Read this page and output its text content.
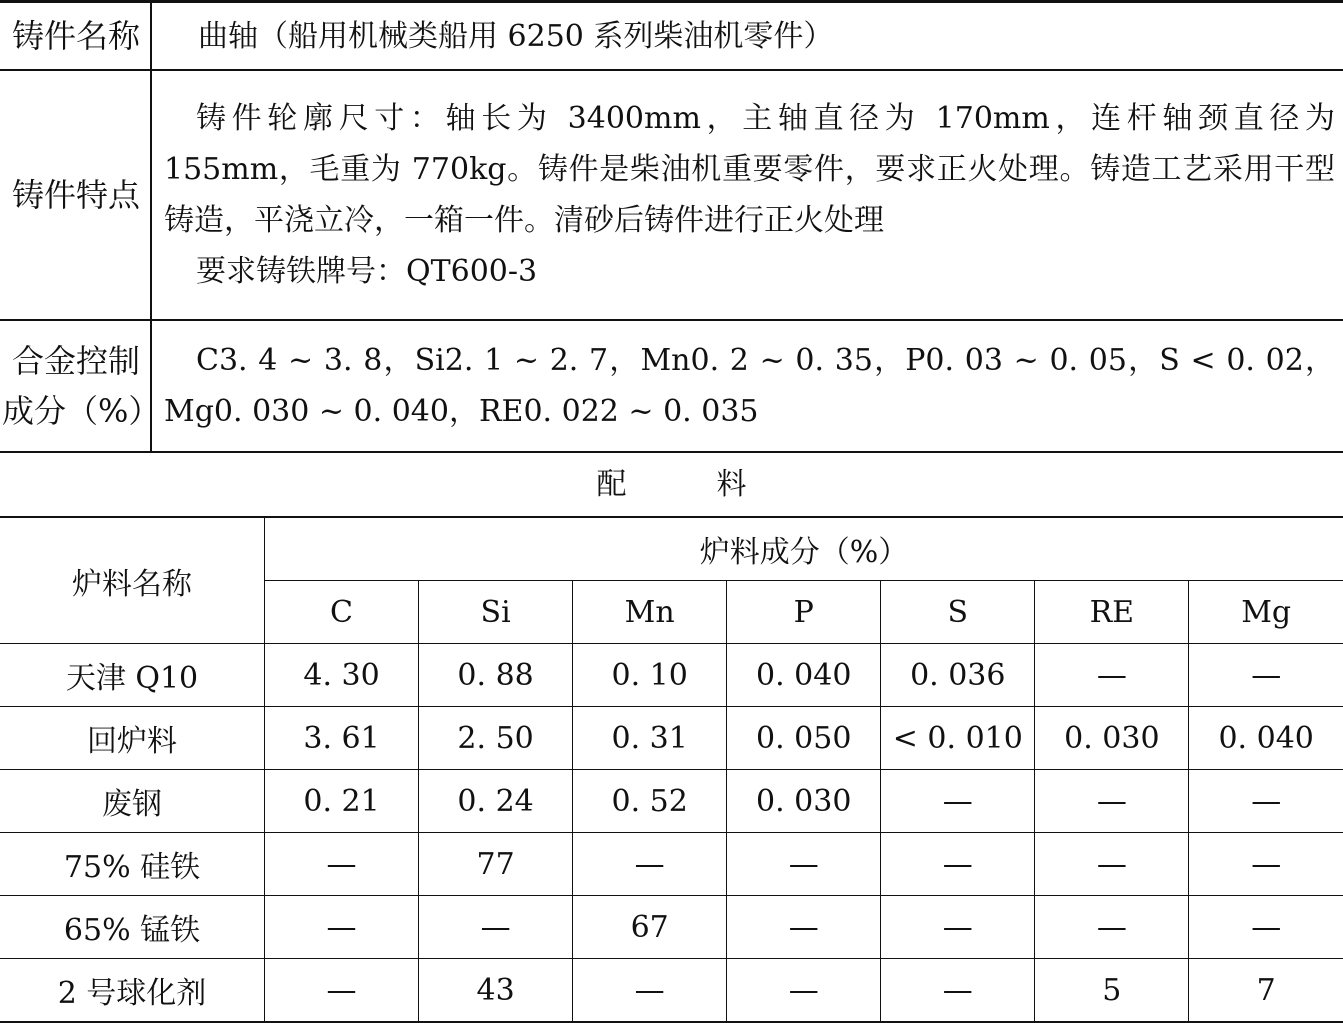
铸件名称	曲轴（船用机械类船用 6250 系列柴油机零件）
铸件特点	铸件轮廓尺寸：轴长为 3400mm，主轴直径为 170mm，连杆轴颈直径为 155mm，毛重为 770kg。铸件是柴油机重要零件，要求正火处理。铸造工艺采用干型铸造，平浇立冷，一箱一件。清砂后铸件进行正火处理
要求铸铁牌号：QT600-3

合金控制
成分（%）	C3. 4 ~ 3. 8，Si2. 1 ~ 2. 7，Mn0. 2 ~ 0. 35，P0. 03 ~ 0. 05，S < 0. 02，Mg0. 030 ~ 0. 040，RE0. 022 ~ 0. 035
配料
炉料名称	炉料成分（%）						
	C	Si	Mn	P	S	RE	Mg
天津 Q10	4. 30	0. 88	0. 10	0. 040	0. 036	—	—
回炉料	3. 61	2. 50	0. 31	0. 050	< 0. 010	0. 030	0. 040
废钢	0. 21	0. 24	0. 52	0. 030	—	—	—
75% 硅铁	—	77	—	—	—	—	—
65% 锰铁	—	—	67	—	—	—	—
2 号球化剂	—	43	—	—	—	5	7
